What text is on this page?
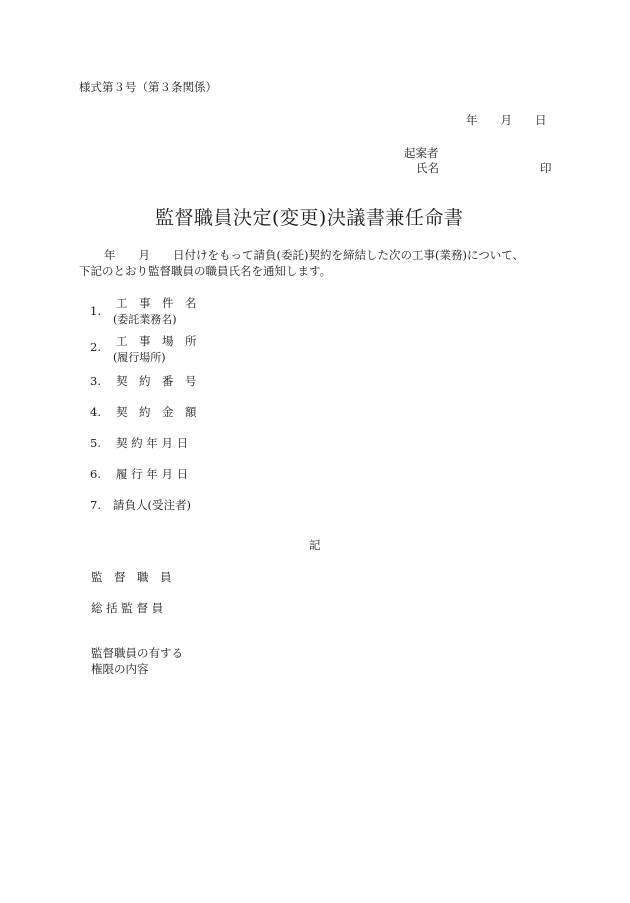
様式第３号（第３条関係）
年　　月　　日
起案者
氏名	印
監督職員決定(変更)決議書兼任命書
年　　月　　日付けをもって請負(委託)契約を締結した次の工事(業務)について、
下記のとおり監督職員の職員氏名を通知します。
1.
工　事　件　名
(委託業務名)
2. 工　事　場　所
(履行場所)
3. 契　約　番　号
4. 契　約　金　額
5. 契 約 年 月 日
6. 履 行 年 月 日
7. 請負人(受注者)
記
監　督　職　員
総 括 監 督 員
監督職員の有する
権限の内容
